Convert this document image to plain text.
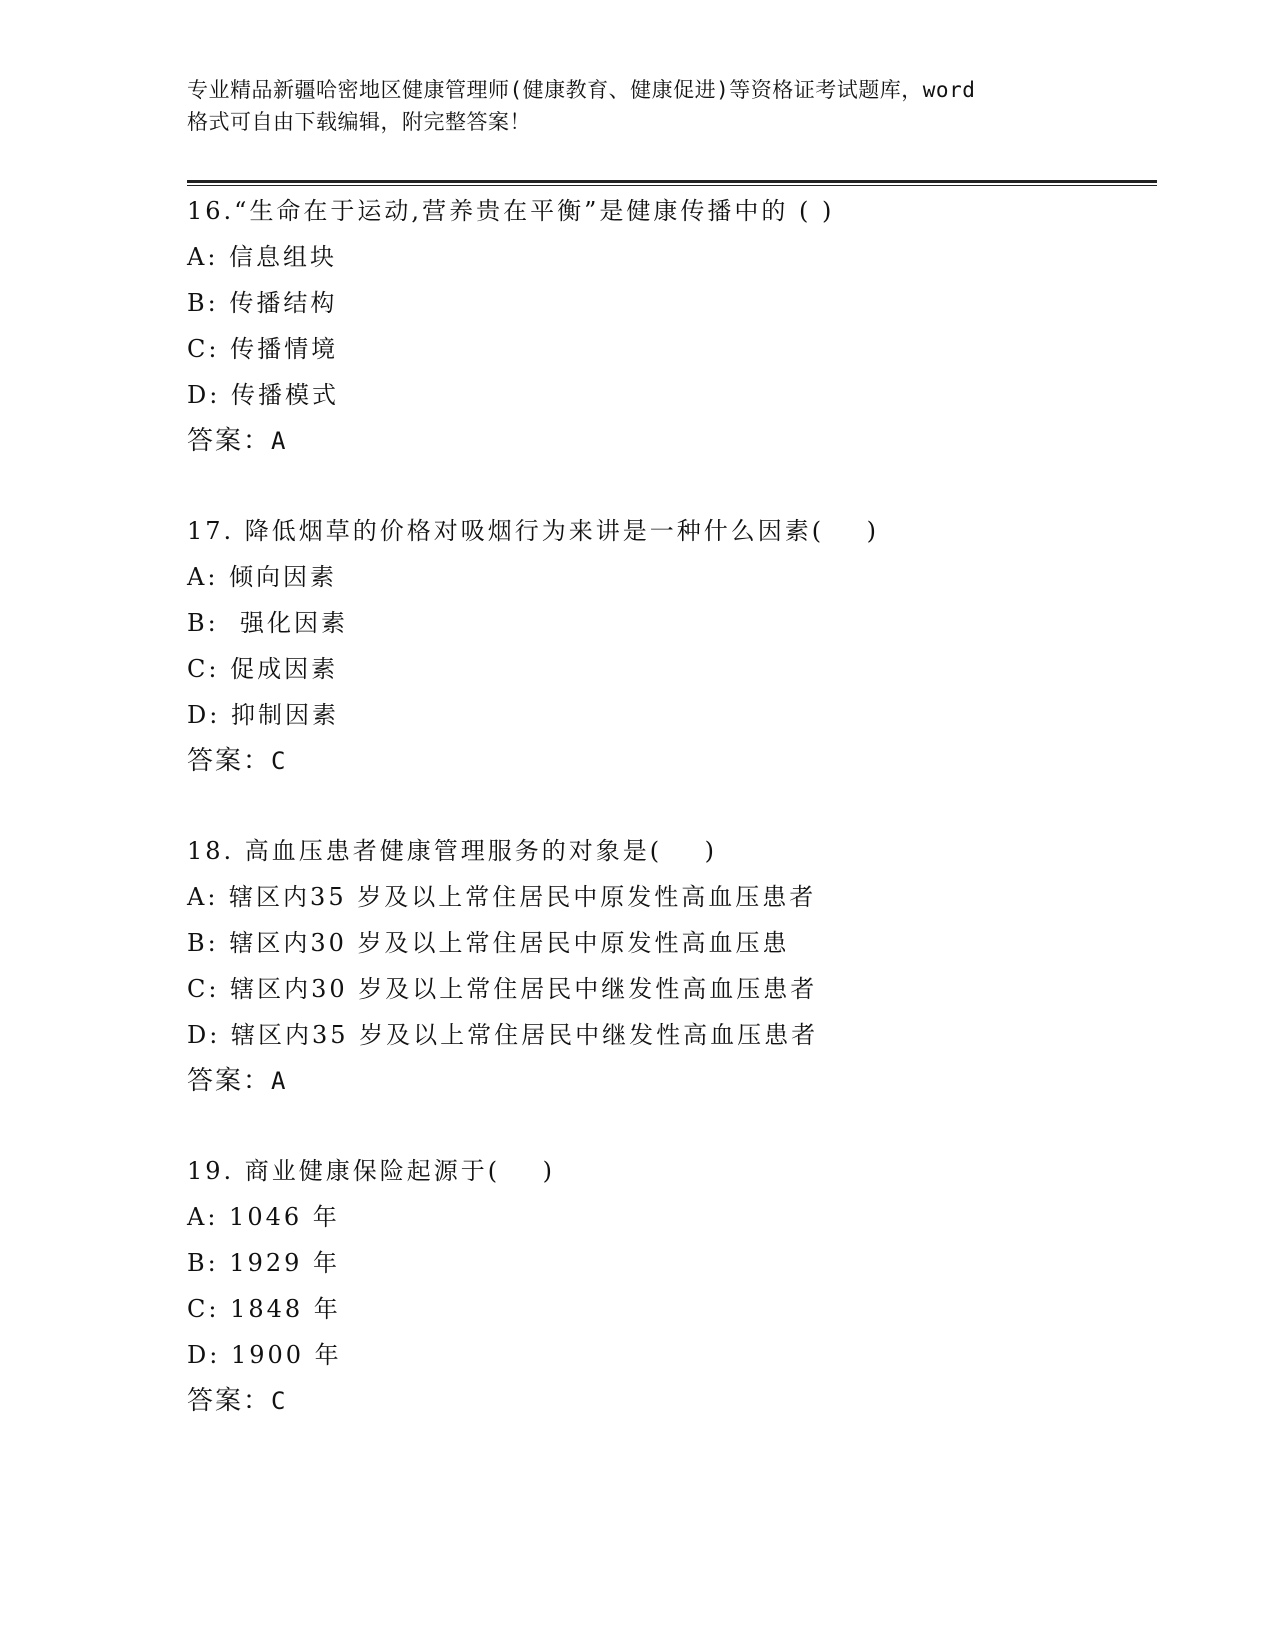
专业精品新疆哈密地区健康管理师(健康教育、健康促进)等资格证考试题库，word
格式可自由下载编辑，附完整答案！
16.“生命在于运动,营养贵在平衡”是健康传播中的 ( )
A: 信息组块
B: 传播结构
C: 传播情境
D: 传播模式
答案：A
17. 降低烟草的价格对吸烟行为来讲是一种什么因素(    )
A: 倾向因素
B:  强化因素
C: 促成因素
D: 抑制因素
答案：C
18. 高血压患者健康管理服务的对象是(    )
A: 辖区内35 岁及以上常住居民中原发性高血压患者
B: 辖区内30 岁及以上常住居民中原发性高血压患
C: 辖区内30 岁及以上常住居民中继发性高血压患者
D: 辖区内35 岁及以上常住居民中继发性高血压患者
答案：A
19. 商业健康保险起源于(    )
A: 1046 年
B: 1929 年
C: 1848 年
D: 1900 年
答案：C
